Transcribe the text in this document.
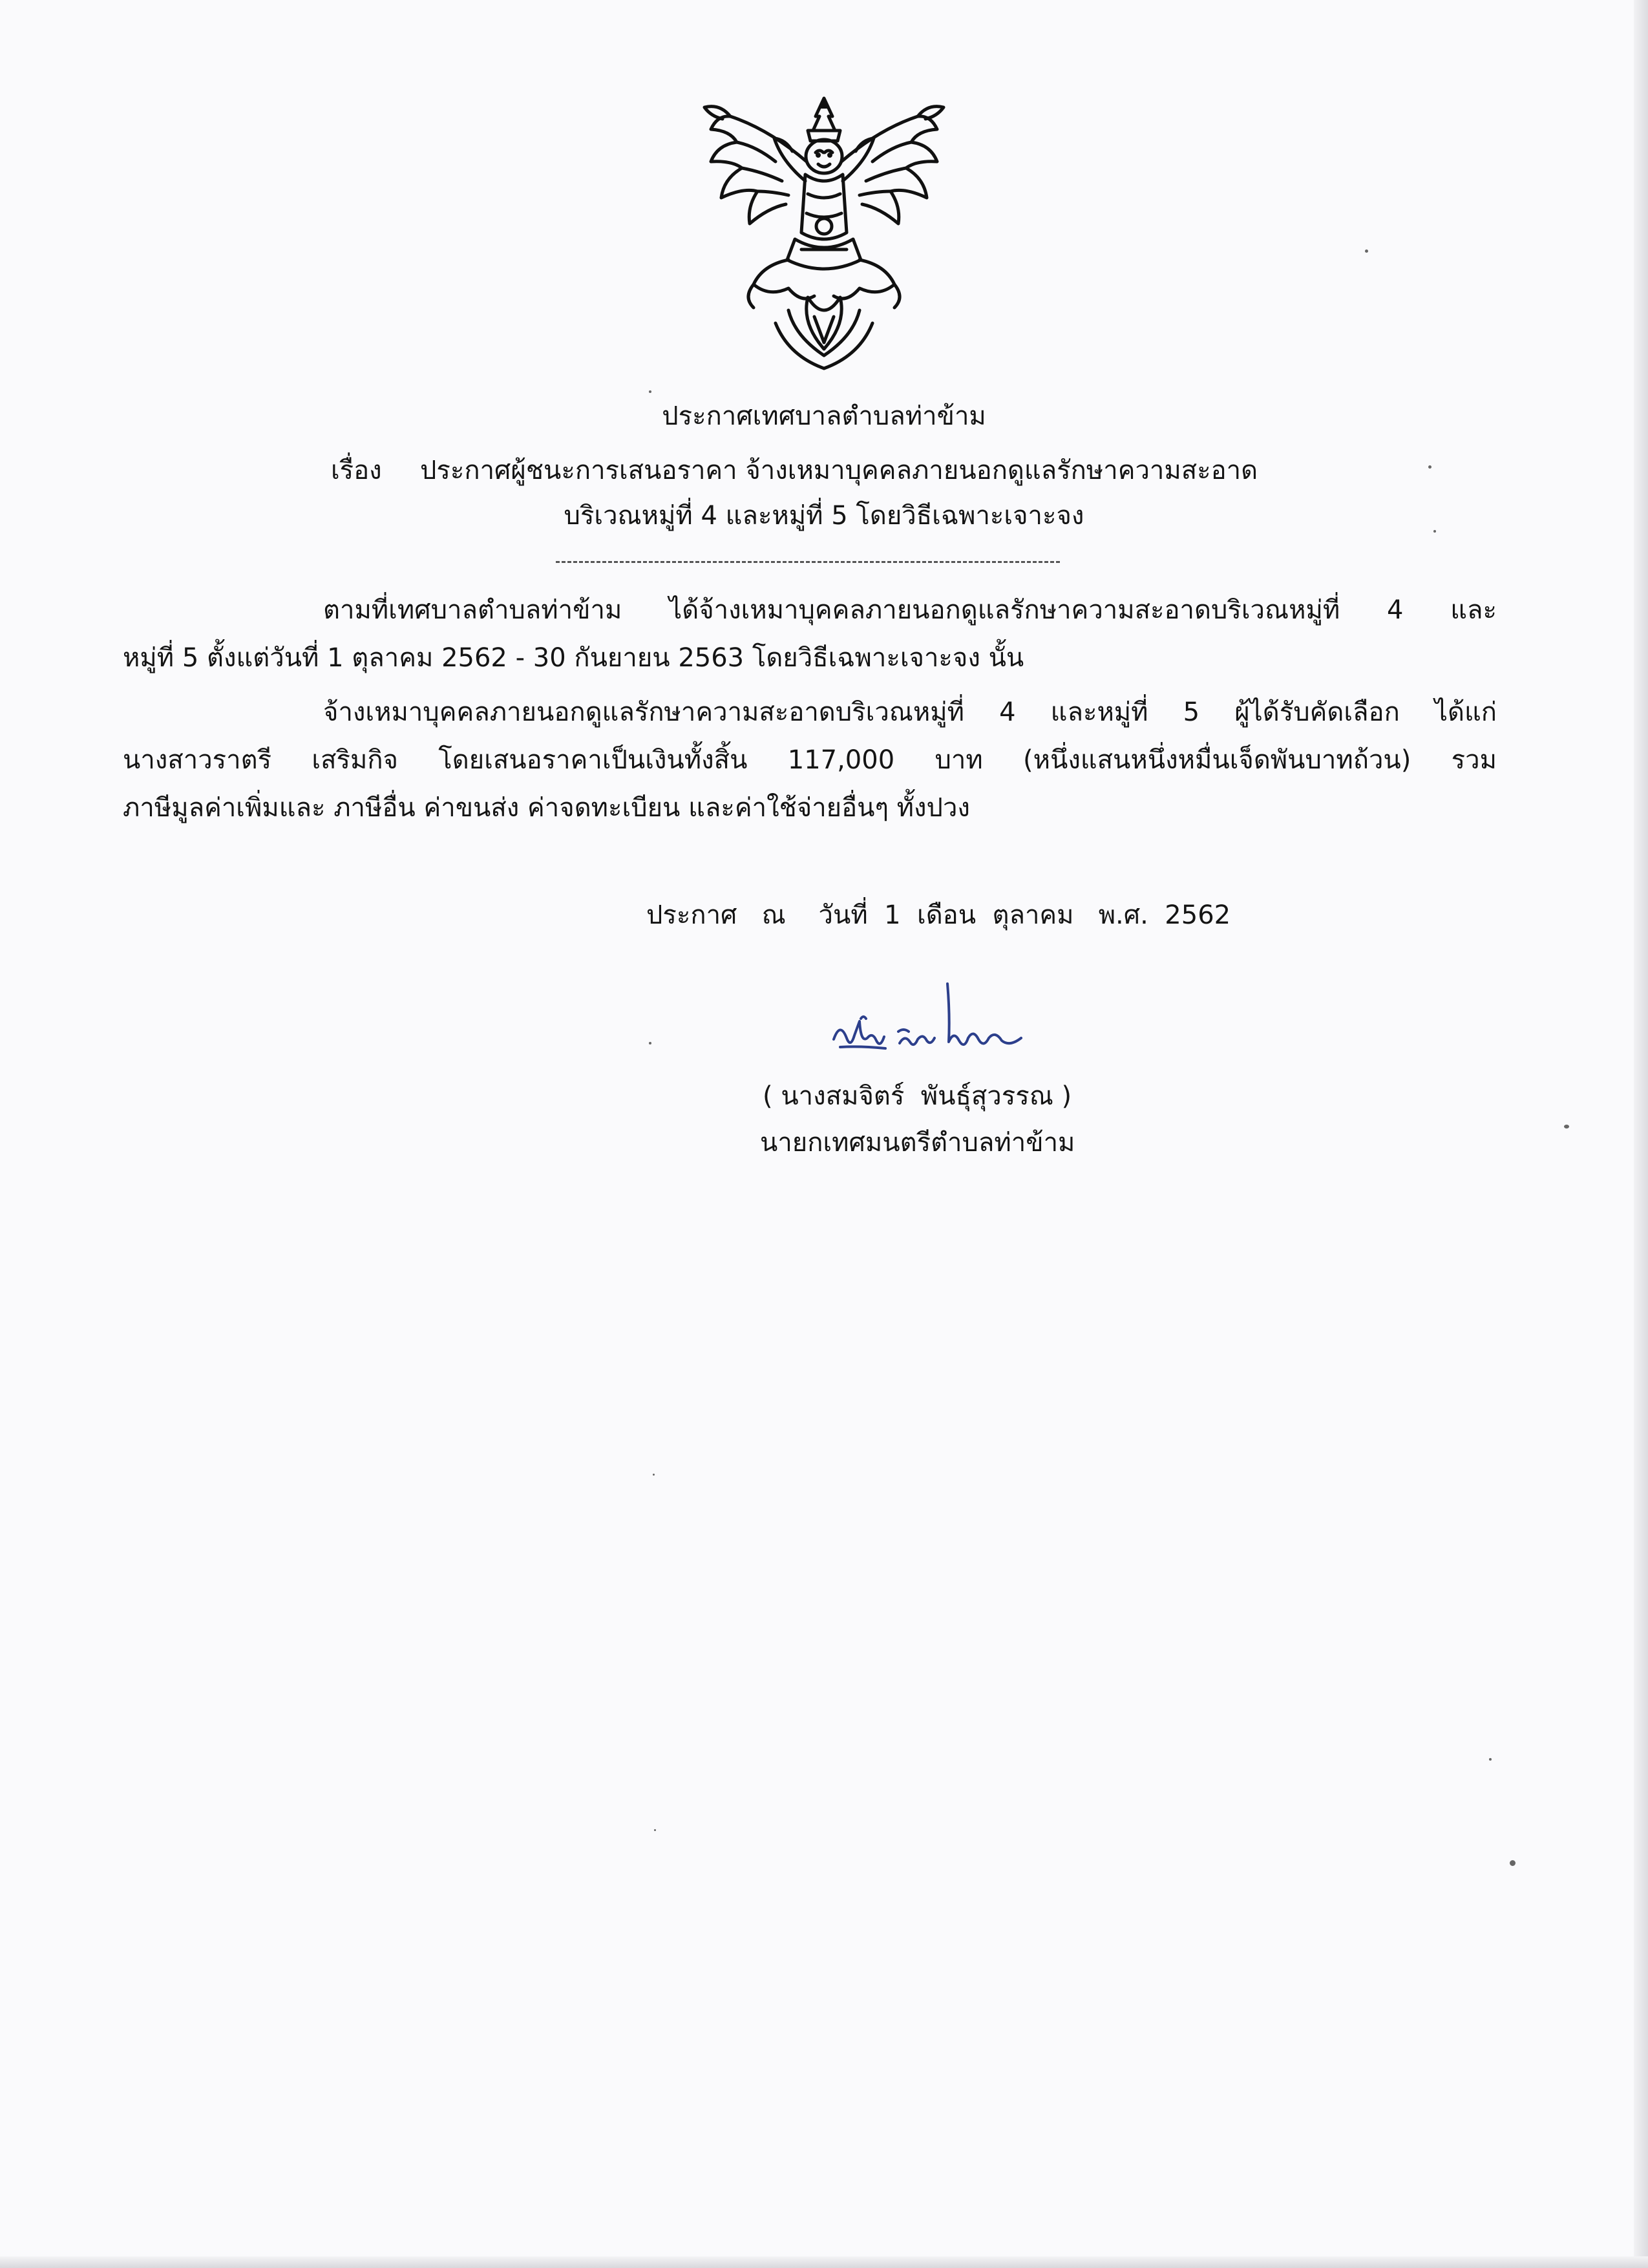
ประกาศเทศบาลตำบลท่าข้าม
เรื่อง ประกาศผู้ชนะการเสนอราคา จ้างเหมาบุคคลภายนอกดูแลรักษาความสะอาด
บริเวณหมู่ที่ 4 และหมู่ที่ 5 โดยวิธีเฉพาะเจาะจง
ตามที่เทศบาลตำบลท่าข้าม ได้จ้างเหมาบุคคลภายนอกดูแลรักษาความสะอาดบริเวณหมู่ที่ 4 และ
หมู่ที่ 5 ตั้งแต่วันที่ 1 ตุลาคม 2562 - 30 กันยายน 2563 โดยวิธีเฉพาะเจาะจง นั้น
จ้างเหมาบุคคลภายนอกดูแลรักษาความสะอาดบริเวณหมู่ที่ 4 และหมู่ที่ 5 ผู้ได้รับคัดเลือก ได้แก่
นางสาวราตรี เสริมกิจ โดยเสนอราคาเป็นเงินทั้งสิ้น 117,000 บาท (หนึ่งแสนหนึ่งหมื่นเจ็ดพันบาทถ้วน) รวม
ภาษีมูลค่าเพิ่มและ ภาษีอื่น ค่าขนส่ง ค่าจดทะเบียน และค่าใช้จ่ายอื่นๆ ทั้งปวง
ประกาศ   ณ    วันที่  1  เดือน  ตุลาคม   พ.ศ.  2562
( นางสมจิตร์  พันธุ์สุวรรณ )
นายกเทศมนตรีตำบลท่าข้าม
